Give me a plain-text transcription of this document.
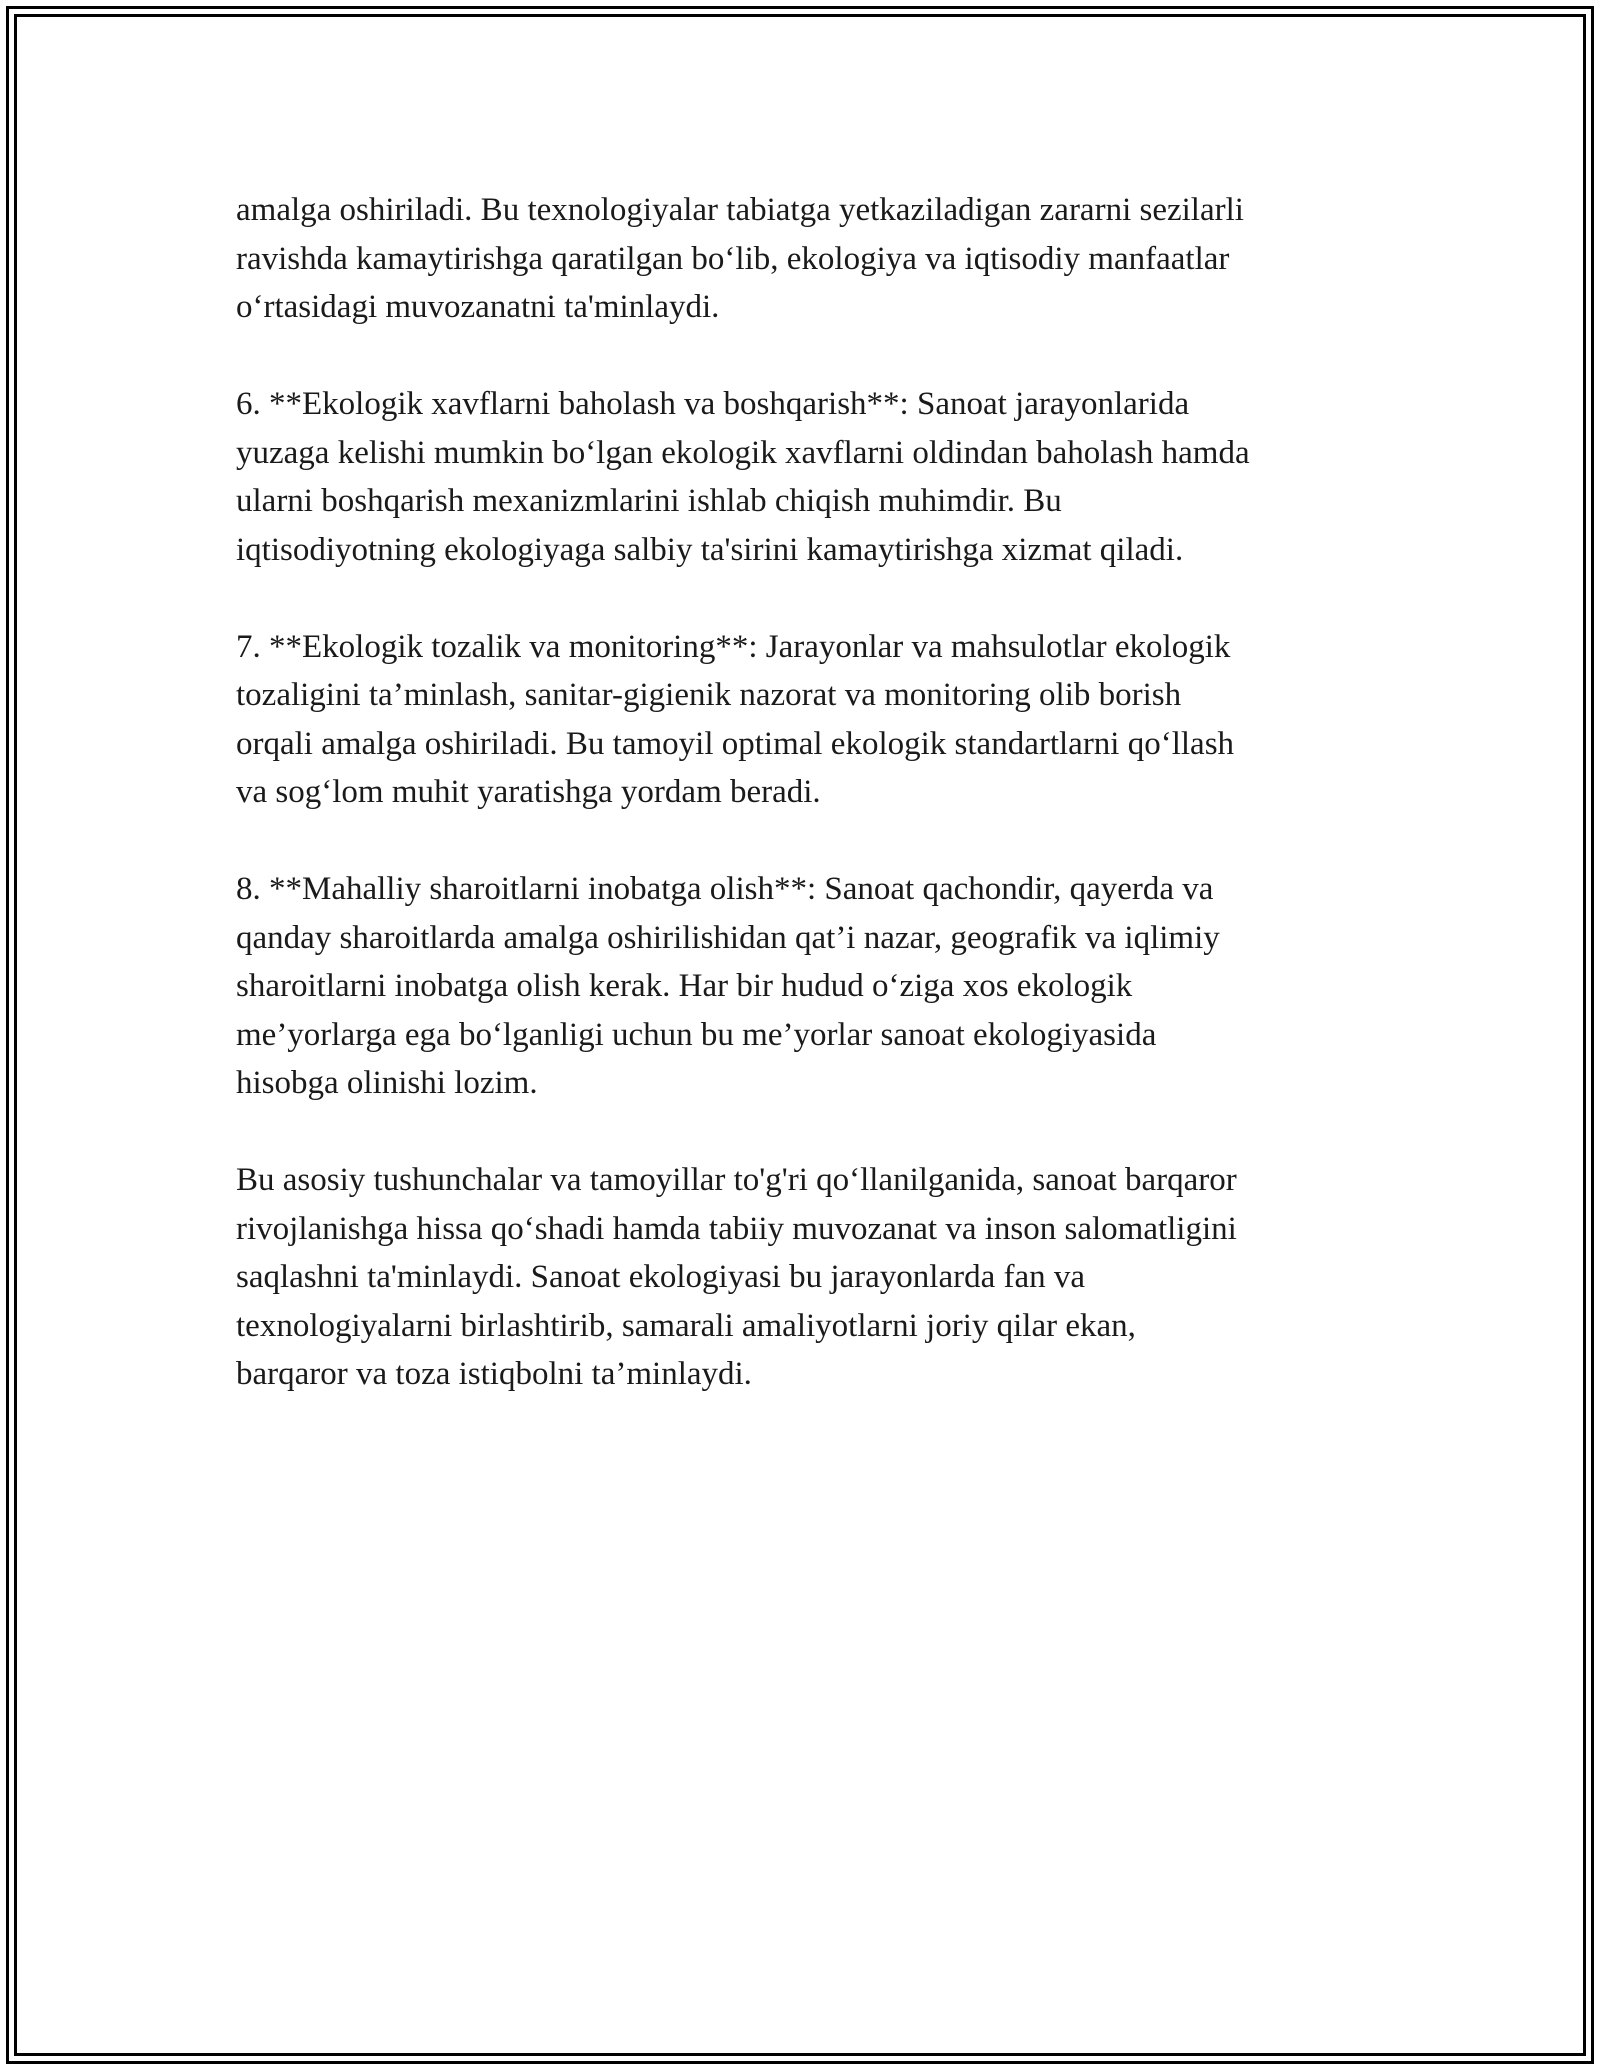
amalga oshiriladi. Bu texnologiyalar tabiatga yetkaziladigan zararni sezilarli
ravishda kamaytirishga qaratilgan bo‘lib, ekologiya va iqtisodiy manfaatlar
o‘rtasidagi muvozanatni ta'minlaydi.

6. **Ekologik xavflarni baholash va boshqarish**: Sanoat jarayonlarida
yuzaga kelishi mumkin bo‘lgan ekologik xavflarni oldindan baholash hamda
ularni boshqarish mexanizmlarini ishlab chiqish muhimdir. Bu
iqtisodiyotning ekologiyaga salbiy ta'sirini kamaytirishga xizmat qiladi.

7. **Ekologik tozalik va monitoring**: Jarayonlar va mahsulotlar ekologik
tozaligini ta’minlash, sanitar-gigienik nazorat va monitoring olib borish
orqali amalga oshiriladi. Bu tamoyil optimal ekologik standartlarni qo‘llash
va sog‘lom muhit yaratishga yordam beradi.

8. **Mahalliy sharoitlarni inobatga olish**: Sanoat qachondir, qayerda va
qanday sharoitlarda amalga oshirilishidan qat’i nazar, geografik va iqlimiy
sharoitlarni inobatga olish kerak. Har bir hudud o‘ziga xos ekologik
me’yorlarga ega bo‘lganligi uchun bu me’yorlar sanoat ekologiyasida
hisobga olinishi lozim.

Bu asosiy tushunchalar va tamoyillar to'g'ri qo‘llanilganida, sanoat barqaror
rivojlanishga hissa qo‘shadi hamda tabiiy muvozanat va inson salomatligini
saqlashni ta'minlaydi. Sanoat ekologiyasi bu jarayonlarda fan va
texnologiyalarni birlashtirib, samarali amaliyotlarni joriy qilar ekan,
barqaror va toza istiqbolni ta’minlaydi.
